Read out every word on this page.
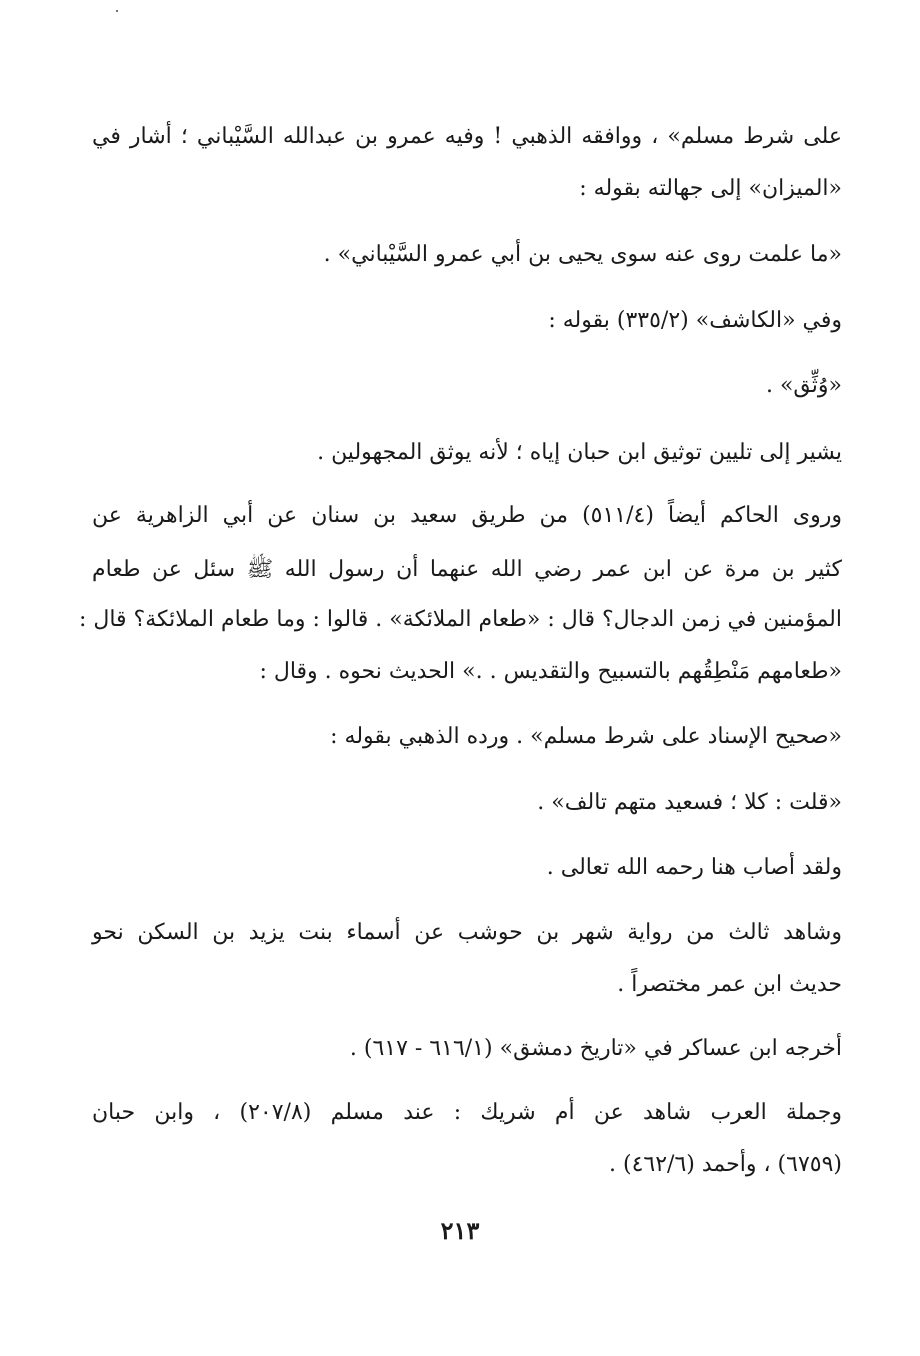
على شرط مسلم» ، ووافقه الذهبي ! وفيه عمرو بن عبدالله السَّيْباني ؛ أشار في
«الميزان» إلى جهالته بقوله :
«ما علمت روى عنه سوى يحيى بن أبي عمرو السَّيْباني» .
وفي «الكاشف» (٣٣٥/٢) بقوله :
«وُثِّق» .
يشير إلى تليين توثيق ابن حبان إياه ؛ لأنه يوثق المجهولين .
وروى الحاكم أيضاً (٥١١/٤) من طريق سعيد بن سنان عن أبي الزاهرية عن
كثير بن مرة عن ابن عمر رضي الله عنهما أن رسول الله ﷺ سئل عن طعام
المؤمنين في زمن الدجال؟ قال : «طعام الملائكة» . قالوا : وما طعام الملائكة؟ قال :
«طعامهم مَنْطِقُهم بالتسبيح والتقديس . .» الحديث نحوه . وقال :
«صحيح الإسناد على شرط مسلم» . ورده الذهبي بقوله :
«قلت : كلا ؛ فسعيد متهم تالف» .
ولقد أصاب هنا رحمه الله تعالى .
وشاهد ثالث من رواية شهر بن حوشب عن أسماء بنت يزيد بن السكن نحو
حديث ابن عمر مختصراً .
أخرجه ابن عساكر في «تاريخ دمشق» (٦١٦/١ - ٦١٧) .
وجملة العرب شاهد عن أم شريك : عند مسلم (٢٠٧/٨) ، وابن حبان
(٦٧٥٩) ، وأحمد (٤٦٢/٦) .
٢١٣
